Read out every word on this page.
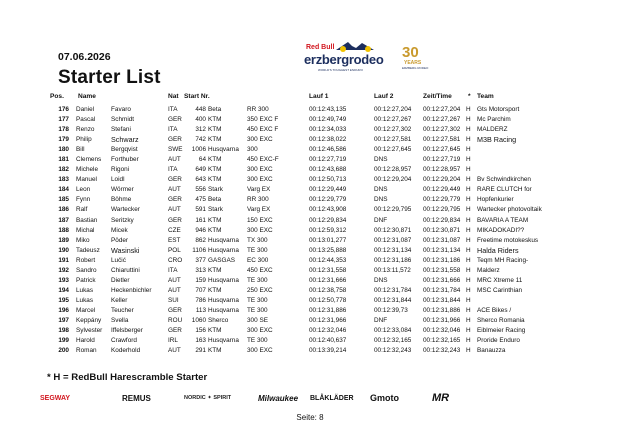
07.06.2026
Starter List
Red Bull
erzbergrodeo
WORLD'S TOUGHEST ENDURO
30
YEARS
ERZBERG RODEO
Pos. Name	Nat Start Nr.	Lauf 1	Lauf 2	Zeit/Time * Team
176 Daniel	Favaro	ITA	448 Beta	RR 300	00:12:43,135	00:12:27,204 00:12:27,204 H Gts Motorsport
177 Pascal Schmidt	GER	400 KTM	350 EXC F	00:12:49,749	00:12:27,267 00:12:27,267 H Mc Parchim
178 Renzo	Stefani	ITA	312 KTM	450 EXC F	00:12:34,033	00:12:27,302 00:12:27,302 H MALDERZ
179 Philip	Schwarz	GER	742 KTM	300 EXC	00:12:38,022	00:12:27,581 00:12:27,581 H M3B Racing
180 Bill	Bergqvist	SWE	1006 Husqvarna 300	00:12:46,586	00:12:27,645 00:12:27,645 H
181 Clemens Forthuber	AUT	64 KTM	450 EXC-F	00:12:27,719	DNS	00:12:27,719 H
182 Michele Rigoni	ITA	649 KTM	300 EXC	00:12:43,688	00:12:28,957 00:12:28,957 H
183 Manuel Loidl	GER	643 KTM	300 EXC	00:12:50,713	00:12:29,204 00:12:29,204 H Bv Schwindkirchen
184 Leon	Wörmer	AUT	556 Stark	Varg EX	00:12:29,449	DNS	00:12:29,449 H RARE CLUTCH for
185 Fynn	Böhme	GER	475 Beta	RR 300	00:12:29,779	DNS	00:12:29,779 H Hopfenkurier
186 Ralf	Wartecker	AUT	591 Stark	Varg EX	00:12:43,908	00:12:29,795 00:12:29,795 H Wartecker photovoltaik
187 Bastian Seritzky	GER	161 KTM	150 EXC	00:12:29,834	DNF	00:12:29,834 H BAVARIA A TEAM
188 Michal	Micek	CZE	946 KTM	300 EXC	00:12:59,312	00:12:30,871 00:12:30,871 H MIKADOKADI??
189 Miko	Pöder	EST	862 Husqvarna TX 300	00:13:01,277	00:12:31,087 00:12:31,087 H Freetime motokeskus
190 Tadeusz Wasinski	POL	1106 Husqvarna TE 300	00:13:25,888	00:12:31,134 00:12:31,134 H Halda Riders
191 Robert Lučić	CRO	377 GASGAS EC 300	00:12:44,353	00:12:31,186 00:12:31,186 H Teqm MH Racing-
192 Sandro Chiaruttini	ITA	313 KTM	450 EXC	00:12:31,558	00:13:11,572 00:12:31,558 H Malderz
193 Patrick Dietler	AUT	159 Husqvarna TE 300	00:12:31,666	DNS	00:12:31,666 H MRC Xtreme 11
194 Lukas	Heckenbichler	AUT	707 KTM	250 EXC	00:12:38,758	00:12:31,784 00:12:31,784 H MSC Carinthian
195 Lukas	Keller	SUI	786 Husqvarna TE 300	00:12:50,778	00:12:31,844 00:12:31,844 H
196 Marcel Teucher	GER	113 Husqvarna TE 300	00:12:31,886	00:12:39,73 00:12:31,886 H ACE Bikes /
197 Keppány Svella	ROU	1060 Sherco	300 SE	00:12:31,966	DNF	00:12:31,966 H Sherco Romania
198 Sylvester Iffelsberger	GER	156 KTM	300 EXC	00:12:32,046	00:12:33,084 00:12:32,046 H Eiblmeier Racing
199 Harold	Crawford	IRL	163 Husqvarna TE 300	00:12:40,637	00:12:32,165 00:12:32,165 H Proride Enduro
200 Roman Koderhold	AUT	291 KTM	300 EXC	00:13:39,214	00:12:32,243 00:12:32,243 H Banauzza
* H = RedBull Harescramble Starter
SEGWAY	REMUS	NORDIC ✦ SPIRIT	Milwaukee BLÅKLÄDER Gmoto	MR
Seite: 8
